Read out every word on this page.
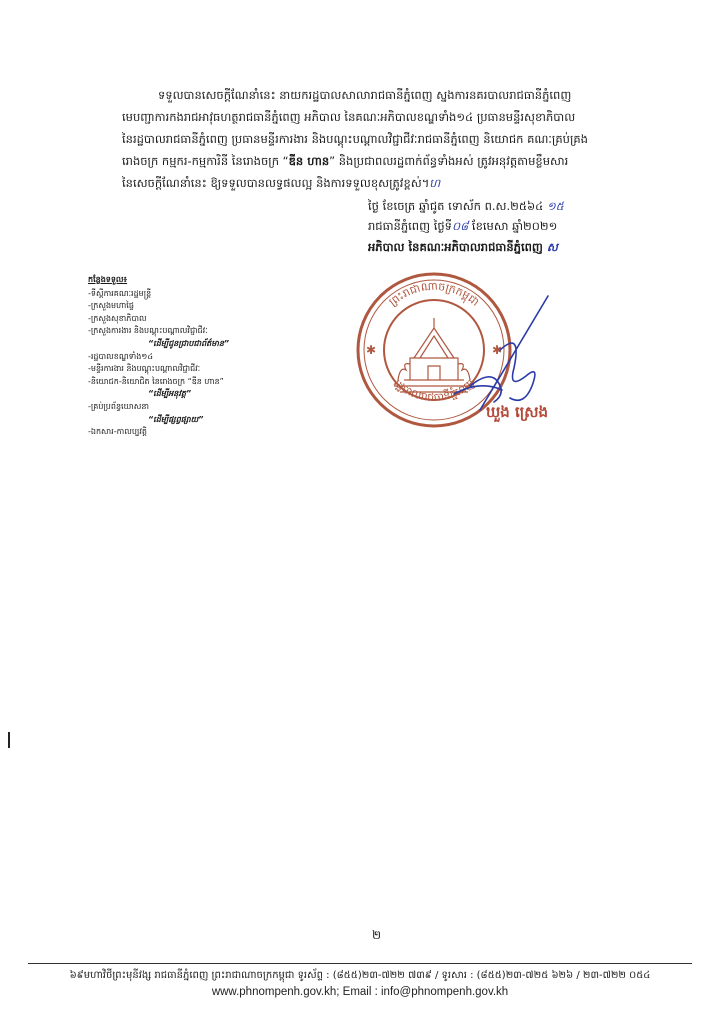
ទទួលបានសេចក្ដីណែនាំនេះ នាយករដ្ឋបាលសាលារាជធានីភ្នំពេញ ស្នងការនគរបាលរាជធានីភ្នំពេញ
មេបញ្ជាការកងរាជអាវុធហត្ថរាជធានីភ្នំពេញ អភិបាល នៃគណៈអភិបាលខណ្ឌទាំង១៤ ប្រធានមន្ទីរសុខាភិបាល
នៃរដ្ឋបាលរាជធានីភ្នំពេញ ប្រធានមន្ទីរការងារ និងបណ្ដុះបណ្ដាលវិជ្ជាជីវៈរាជធានីភ្នំពេញ និយោជក គណៈគ្រប់គ្រង
រោងចក្រ កម្មករ-កម្មការិនី នៃរោងចក្រ “ឌីន ហាន” និងប្រជាពលរដ្ឋពាក់ព័ន្ធទាំងអស់ ត្រូវអនុវត្តតាមខ្លឹមសារ
នៃសេចក្ដីណែនាំនេះ ឱ្យទទួលបានលទ្ធផលល្អ និងការទទួលខុសត្រូវខ្ពស់។ហ
ថ្ងៃ ខែចេត្រ ឆ្នាំជូត ទោស័ក ព.ស.២៥៦៤ ១៥
រាជធានីភ្នំពេញ ថ្ងៃទី០៨ ខែមេសា ឆ្នាំ២០២១
អភិបាល នៃគណៈអភិបាលរាជធានីភ្នំពេញ ស
កន្លែងទទួល៖
-ទីស្ដីការគណៈរដ្ឋមន្ត្រី
-ក្រសួងមហាផ្ទៃ
-ក្រសួងសុខាភិបាល
-ក្រសួងការងារ និងបណ្ដុះបណ្ដាលវិជ្ជាជីវៈ
“ដើម្បីជូនជ្រាបជាព័ត៌មាន”
-រដ្ឋបាលខណ្ឌទាំង១៤
-មន្ទីរការងារ និងបណ្ដុះបណ្ដាលវិជ្ជាជីវៈ
-និយោជក-និយោជិត នៃរោងចក្រ “ឌីន ហាន”
“ដើម្បីអនុវត្ត”
-គ្រប់ប្រព័ន្ធឃោសនា
“ដើម្បីផ្សព្វផ្សាយ”
-ឯកសារ-កាលប្បវត្តិ
ព្រះរាជាណាចក្រកម្ពុជា
រដ្ឋបាលរាជធានីភ្នំពេញ
✱	✱
ឃួង ស្រេង
២
៦៩មហាវិថីព្រះមុនីវង្ស រាជធានីភ្នំពេញ ព្រះរាជាណាចក្រកម្ពុជា ទូរស័ព្ទ : (៨៥៥)២៣-៧២២ ៧៣៩ / ទូរសារ : (៨៥៥)២៣-៧២៥ ៦២៦ / ២៣-៧២២ ០៥៤
www.phnompenh.gov.kh; Email : info@phnompenh.gov.kh
